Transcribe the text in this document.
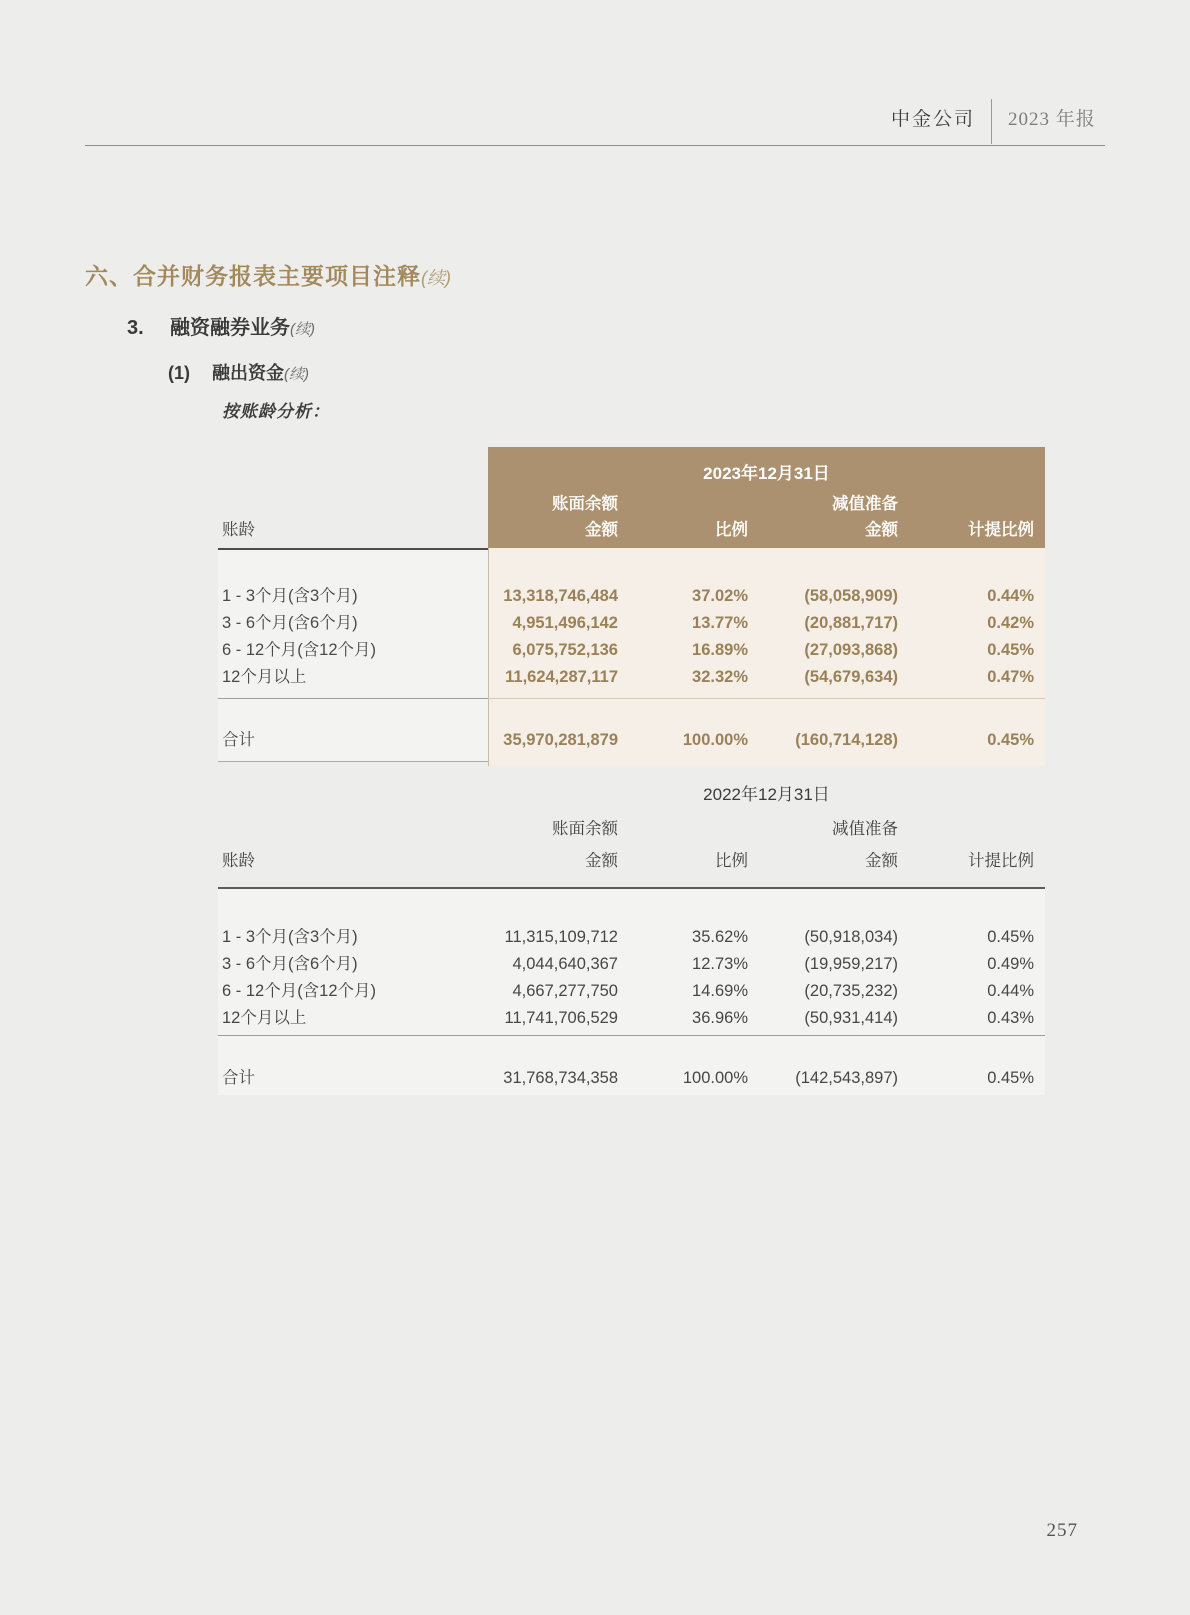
中金公司 2023 年报
六、合并财务报表主要项目注释(续)
3. 融资融券业务(续)
(1) 融出资金(续)
按账龄分析：
2023年12月31日
减值准备
账面余额
账龄	金额	比例	金额	计提比例
1 - 3个月(含3个月)	13,318,746,484	37.02%	(58,058,909)	0.44%
3 - 6个月(含6个月)	4,951,496,142	13.77%	(20,881,717)	0.42%
6 - 12个月(含12个月)	6,075,752,136	16.89%	(27,093,868)	0.45%
12个月以上	11,624,287,117	32.32%	(54,679,634)	0.47%
合计	35,970,281,879	100.00%	(160,714,128)	0.45%
2022年12月31日
减值准备
账面余额
账龄	金额	比例	金额	计提比例
1 - 3个月(含3个月)	11,315,109,712	35.62%	(50,918,034)	0.45%
3 - 6个月(含6个月)	4,044,640,367	12.73%	(19,959,217)	0.49%
6 - 12个月(含12个月)	4,667,277,750	14.69%	(20,735,232)	0.44%
12个月以上	11,741,706,529	36.96%	(50,931,414)	0.43%
合计	31,768,734,358	100.00%	(142,543,897)	0.45%
257
